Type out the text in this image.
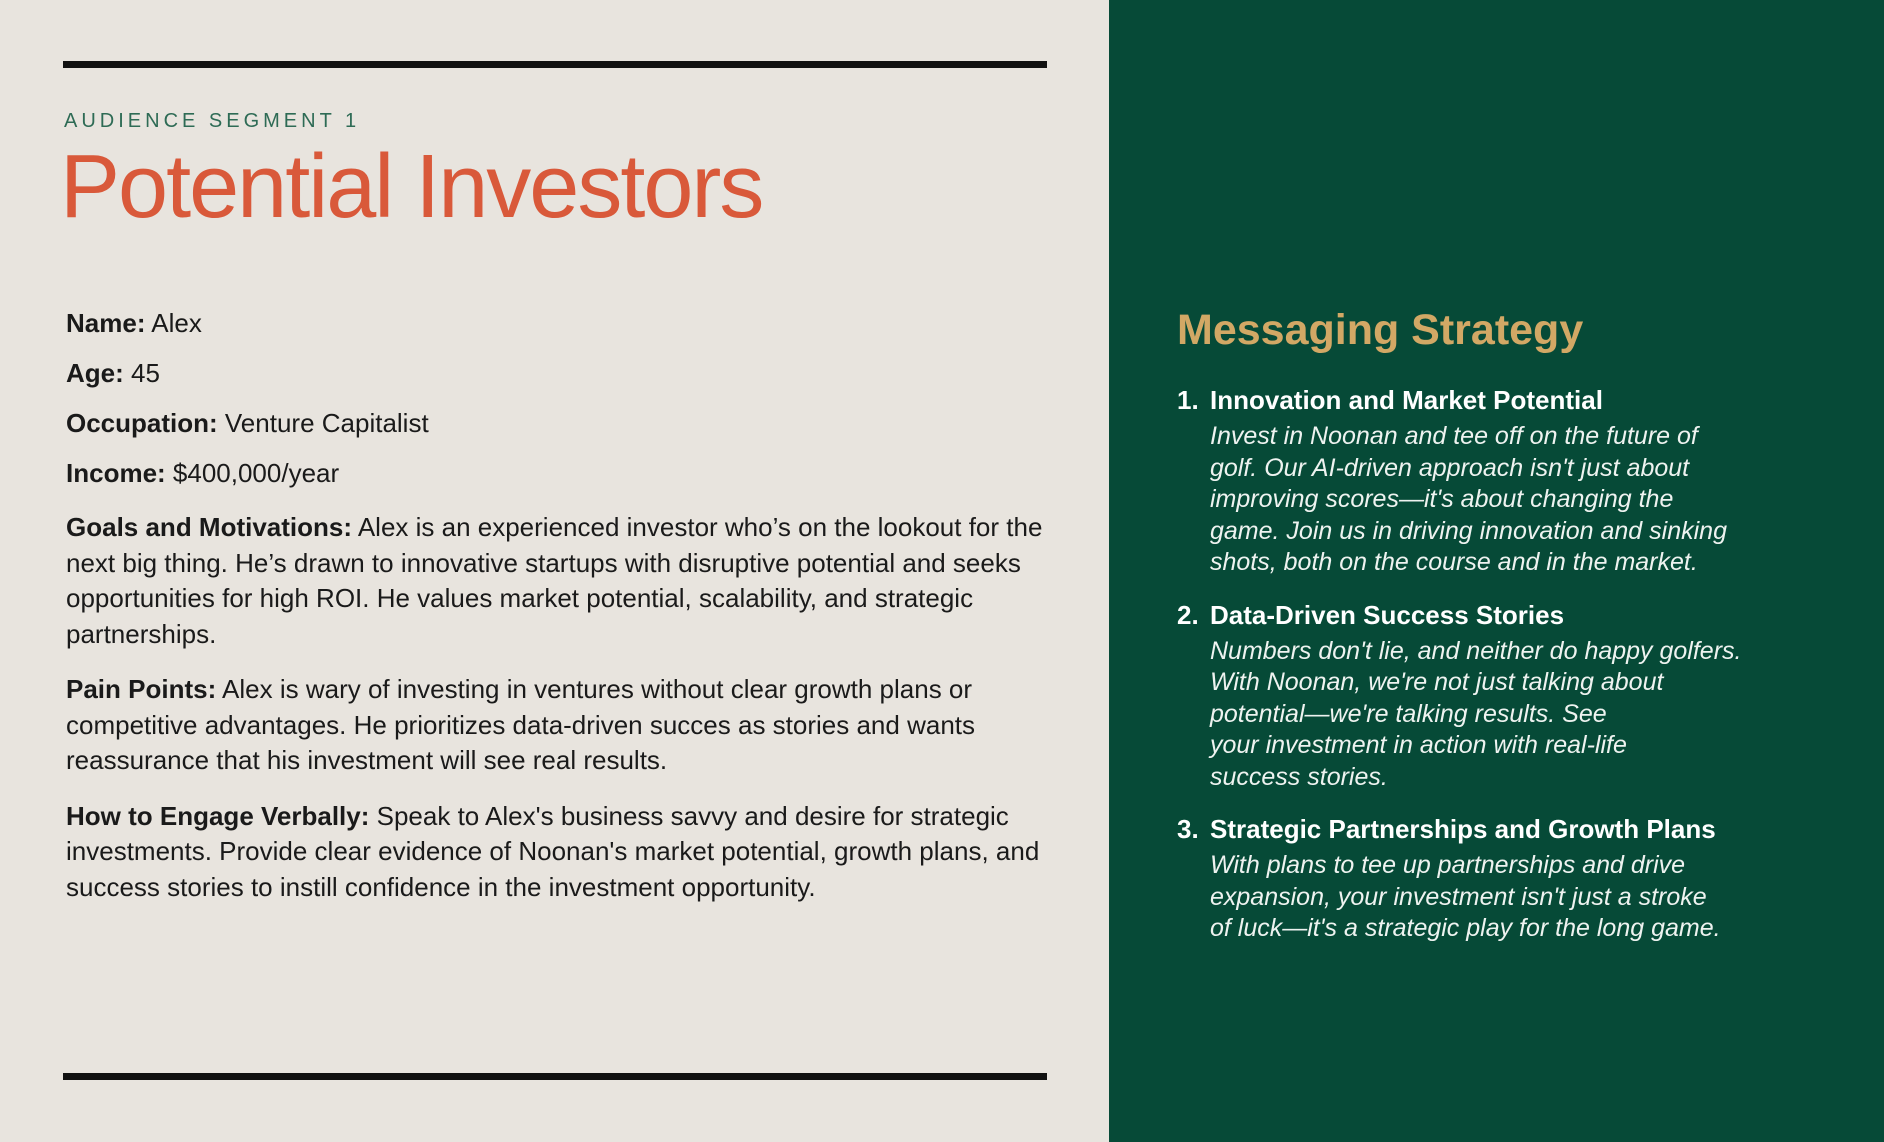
AUDIENCE SEGMENT 1
Potential Investors

Name: Alex

Age: 45

Occupation: Venture Capitalist

Income: $400,000/year

Goals and Motivations: Alex is an experienced investor who’s on the lookout for the next big thing. He’s drawn to innovative startups with disruptive potential and seeks opportunities for high ROI. He values market potential, scalability, and strategic partnerships.

Pain Points: Alex is wary of investing in ventures without clear growth plans or competitive advantages. He prioritizes data-driven succes as stories and wants reassurance that his investment will see real results.

How to Engage Verbally: Speak to Alex's business savvy and desire for strategic investments. Provide clear evidence of Noonan's market potential, growth plans, and success stories to instill confidence in the investment opportunity.

Messaging Strategy
1. Innovation and Market Potential
Invest in Noonan and tee off on the future of
golf. Our AI-driven approach isn't just about
improving scores—it's about changing the
game. Join us in driving innovation and sinking
shots, both on the course and in the market.
2. Data-Driven Success Stories
Numbers don't lie, and neither do happy golfers.
With Noonan, we're not just talking about
potential—we're talking results. See
your investment in action with real-life
success stories.
3. Strategic Partnerships and Growth Plans
With plans to tee up partnerships and drive
expansion, your investment isn't just a stroke
of luck—it's a strategic play for the long game.
